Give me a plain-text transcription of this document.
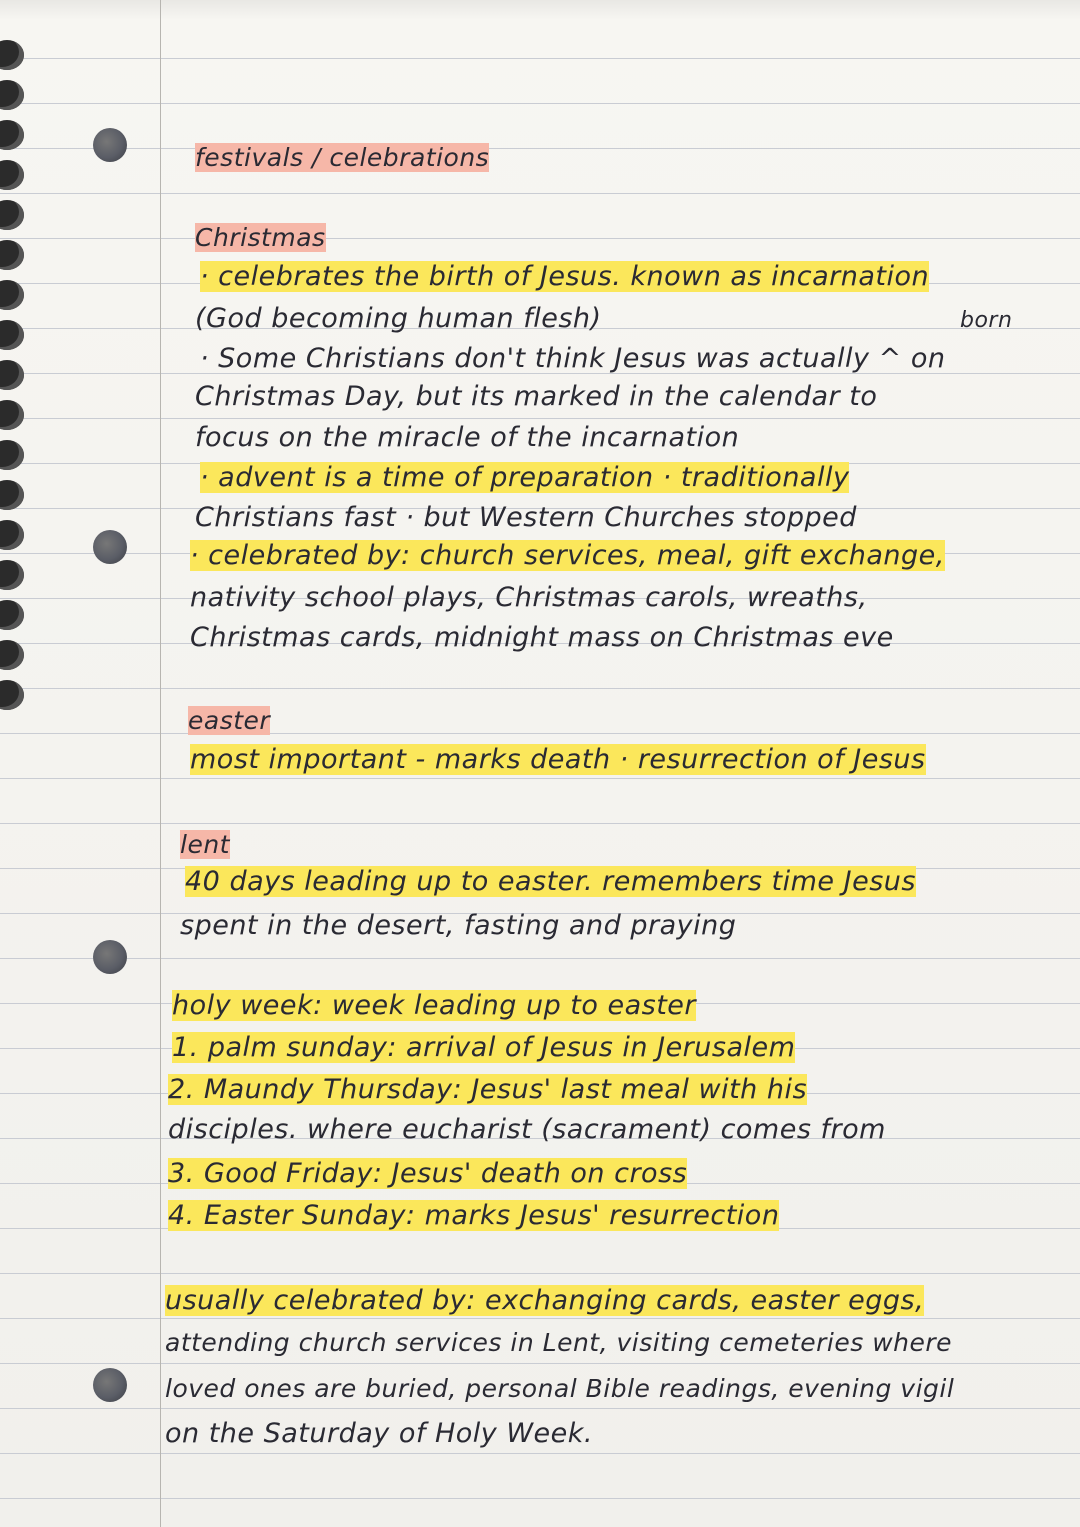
festivals / celebrations
Christmas
· celebrates the birth of Jesus. known as incarnation
(God becoming human flesh)	born
· Some Christians don't think Jesus was actually ^ on
Christmas Day, but its marked in the calendar to
focus on the miracle of the incarnation
· advent is a time of preparation · traditionally
Christians fast · but Western Churches stopped
· celebrated by: church services, meal, gift exchange,
nativity school plays, Christmas carols, wreaths,
Christmas cards, midnight mass on Christmas eve
easter
most important - marks death · resurrection of Jesus
lent
40 days leading up to easter. remembers time Jesus
spent in the desert, fasting and praying
holy week: week leading up to easter
1. palm sunday: arrival of Jesus in Jerusalem
2. Maundy Thursday: Jesus' last meal with his
disciples. where eucharist (sacrament) comes from
3. Good Friday: Jesus' death on cross
4. Easter Sunday: marks Jesus' resurrection
usually celebrated by: exchanging cards, easter eggs,
attending church services in Lent, visiting cemeteries where
loved ones are buried, personal Bible readings, evening vigil
on the Saturday of Holy Week.
